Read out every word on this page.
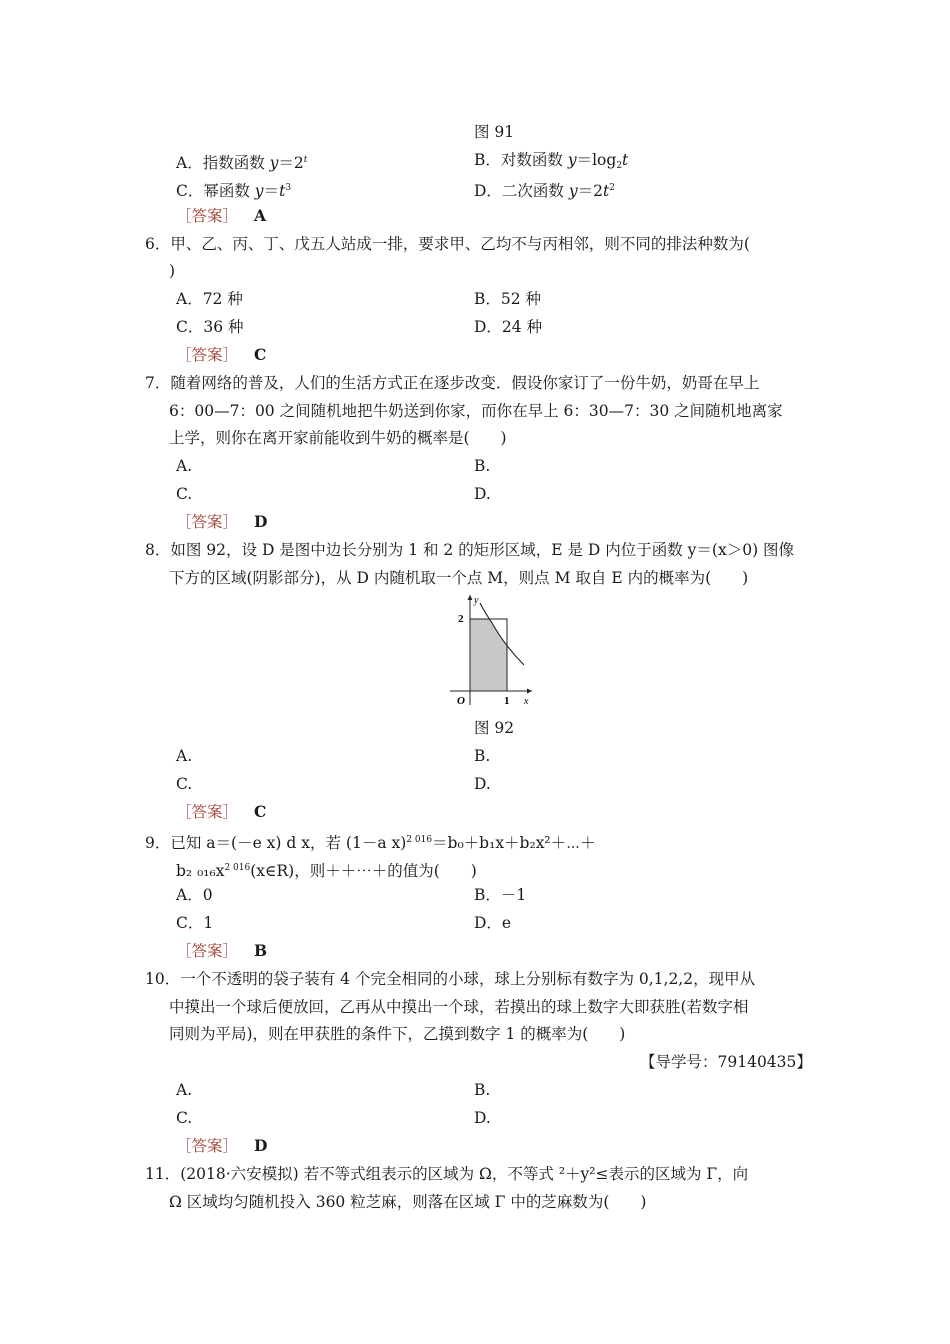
图 91
A．指数函数 $y=2^t$	B．对数函数 $y=\log_2t$
C．幂函数 $y=t^3$	D．二次函数 $y=2t^2$
［答案］ A
6．甲、乙、丙、丁、戊五人站成一排，要求甲、乙均不与丙相邻，则不同的排法种数为(
)
A．72 种	B．52 种
C．36 种	D．24 种
［答案］ C
7．随着网络的普及，人们的生活方式正在逐步改变．假设你家订了一份牛奶，奶哥在早上
6：00—7：00 之间随机地把牛奶送到你家，而你在早上 6：30—7：30 之间随机地离家
上学，则你在离开家前能收到牛奶的概率是(　　)
A.	B.
C.	D.
［答案］ D
8．如图 92，设 D 是图中边长分别为 1 和 2 的矩形区域，E 是 D 内位于函数 y＝(x＞0) 图像
下方的区域(阴影部分)，从 D 内随机取一个点 M，则点 M 取自 E 内的概率为(　　)
y
x
O
2
1
图 92
A.	B.
C.	D.
［答案］ C
9．已知 a＝(－e x) d x，若 (1－a x)$^{2 016}$＝b₀＋b₁x＋b₂x²＋⋯＋
b₂ $_{016}x^{2 016}(x\in R)$，则＋＋⋯＋的值为(　　)
A．0	B．－1
C．1	D．e
［答案］ B
10．一个不透明的袋子装有 4 个完全相同的小球，球上分别标有数字为 0,1,2,2，现甲从
中摸出一个球后便放回，乙再从中摸出一个球，若摸出的球上数字大即获胜(若数字相
同则为平局)，则在甲获胜的条件下，乙摸到数字 1 的概率为(　　)
【导学号：79140435】
A.	B.
C.	D.
［答案］ D
11．(2018·六安模拟) 若不等式组表示的区域为 Ω，不等式 ²＋y²≤表示的区域为 Γ，向
Ω 区域均匀随机投入 360 粒芝麻，则落在区域 Γ 中的芝麻数为(　　)
